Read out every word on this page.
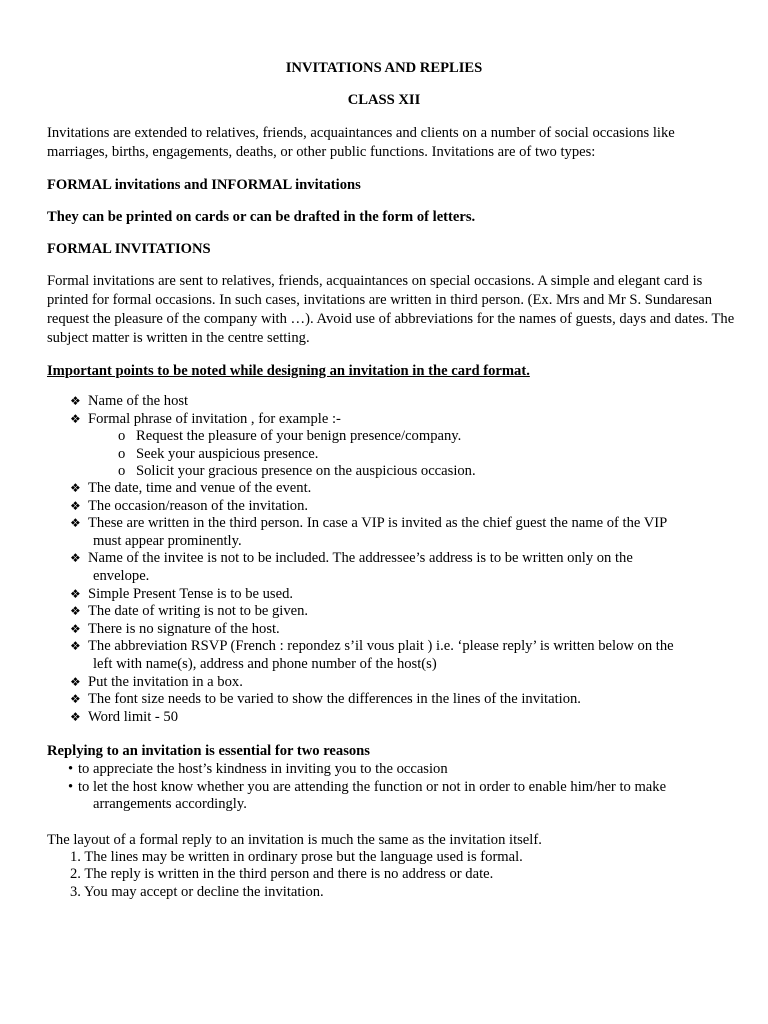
INVITATIONS AND REPLIES
CLASS XII

Invitations are extended to relatives, friends, acquaintances and clients on a number of social occasions like marriages, births, engagements, deaths, or other public functions. Invitations are of two types:

FORMAL invitations and INFORMAL invitations

They can be printed on cards or can be drafted in the form of letters.

FORMAL INVITATIONS

Formal invitations are sent to relatives, friends, acquaintances on special occasions. A simple and elegant card is printed for formal occasions. In such cases, invitations are written in third person. (Ex. Mrs and Mr S. Sundaresan request the pleasure of the company with …). Avoid use of abbreviations for the names of guests, days and dates. The subject matter is written in the centre setting.

Important points to be noted while designing an invitation in the card format.

❖ Name of the host
❖ Formal phrase of invitation , for example :-
o Request the pleasure of your benign presence/company.
o Seek your auspicious presence.
o Solicit your gracious presence on the auspicious occasion.
❖ The date, time and venue of the event.
❖ The occasion/reason of the invitation.
❖ These are written in the third person. In case a VIP is invited as the chief guest the name of the VIP
must appear prominently.
❖ Name of the invitee is not to be included. The addressee’s address is to be written only on the
envelope.
❖ Simple Present Tense is to be used.
❖ The date of writing is not to be given.
❖ There is no signature of the host.
❖ The abbreviation RSVP (French : repondez s’il vous plait ) i.e. ‘please reply’ is written below on the
left with name(s), address and phone number of the host(s)
❖ Put the invitation in a box.
❖ The font size needs to be varied to show the differences in the lines of the invitation.
❖ Word limit - 50

Replying to an invitation is essential for two reasons

• to appreciate the host’s kindness in inviting you to the occasion
• to let the host know whether you are attending the function or not in order to enable him/her to make
arrangements accordingly.

The layout of a formal reply to an invitation is much the same as the invitation itself.

1. The lines may be written in ordinary prose but the language used is formal.
2. The reply is written in the third person and there is no address or date.
3. You may accept or decline the invitation.
